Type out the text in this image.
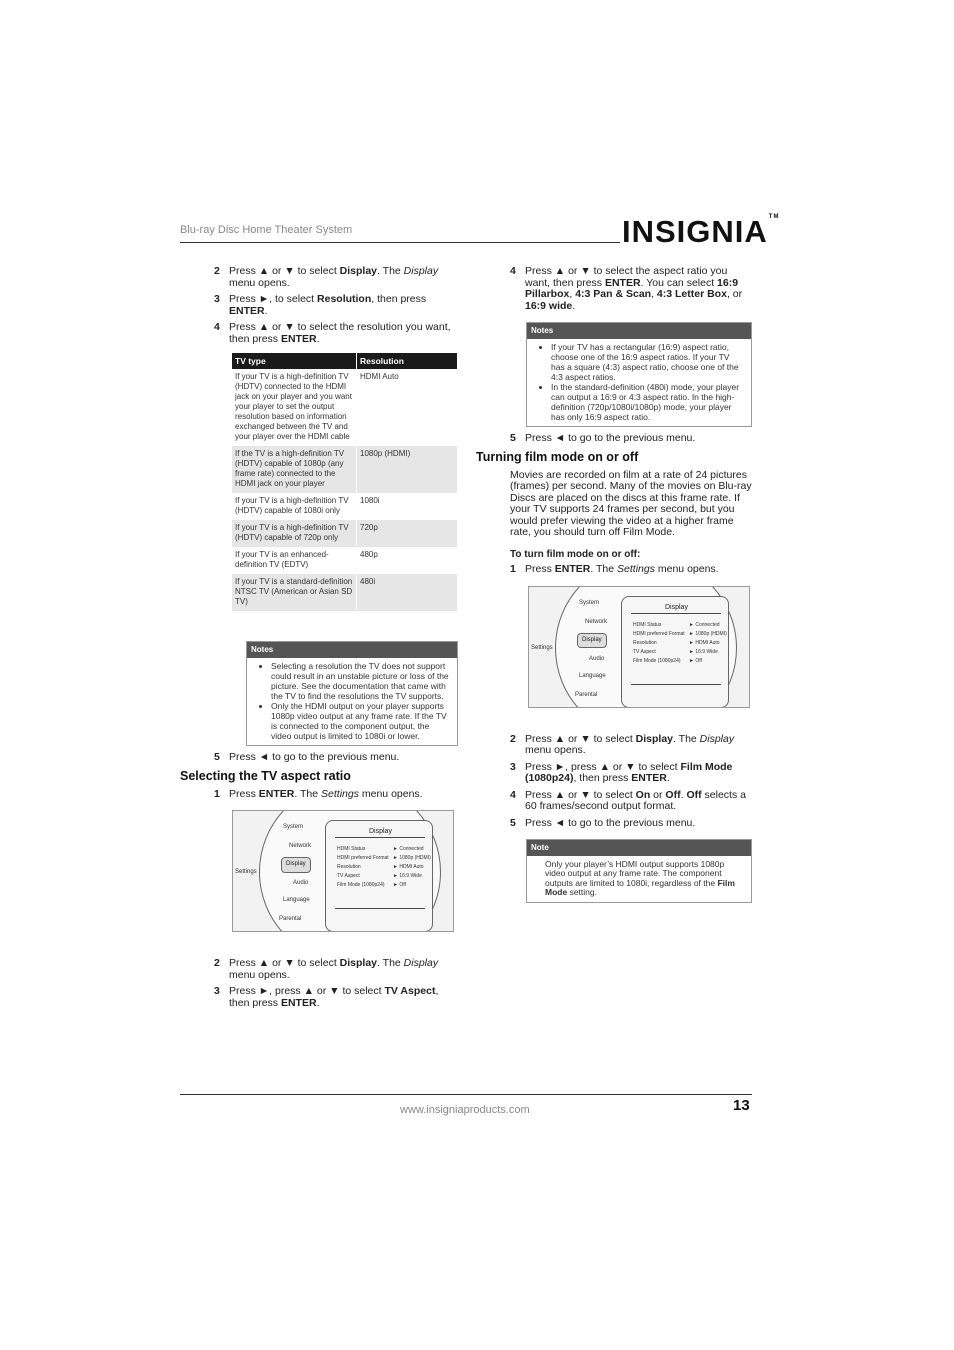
Blu-ray Disc Home Theater System	INSIGNIA™
2 Press ▲ or ▼ to select Display. The Display menu opens.
3 Press ►, to select Resolution, then press ENTER.
4 Press ▲ or ▼ to select the resolution you want, then press ENTER.
TV type	Resolution
If your TV is a high-definition TV (HDTV) connected to the HDMI jack on your player and you want your player to set the output resolution based on information exchanged between the TV and your player over the HDMI cable	HDMI Auto
If the TV is a high-definition TV (HDTV) capable of 1080p (any frame rate) connected to the HDMI jack on your player	1080p (HDMI)
If your TV is a high-definition TV (HDTV) capable of 1080i only	1080i
If your TV is a high-definition TV (HDTV) capable of 720p only	720p
If your TV is an enhanced-definition TV (EDTV)	480p
If your TV is a standard-definition NTSC TV (American or Asian SD TV)	480i
Notes
• Selecting a resolution the TV does not support could result in an unstable picture or loss of the picture. See the documentation that came with the TV to find the resolutions the TV supports.
• Only the HDMI output on your player supports 1080p video output at any frame rate. If the TV is connected to the component output, the video output is limited to 1080i or lower.
5 Press ◄ to go to the previous menu.
Selecting the TV aspect ratio
1 Press ENTER. The Settings menu opens.
Settings
System
Network
Display
Audio
Language
Parental
Display
HDMI Status	► Connected
HDMI preferred Format ► 1080p (HDMI)
Resolution	► HDMI Auto
TV Aspect	► 16:9 Wide
Film Mode (1080p24) ► Off
2 Press ▲ or ▼ to select Display. The Display menu opens.
3 Press ►, press ▲ or ▼ to select TV Aspect, then press ENTER.
4 Press ▲ or ▼ to select the aspect ratio you want, then press ENTER. You can select 16:9 Pillarbox, 4:3 Pan & Scan, 4:3 Letter Box, or 16:9 wide.
Notes
• If your TV has a rectangular (16:9) aspect ratio, choose one of the 16:9 aspect ratios. If your TV has a square (4:3) aspect ratio, choose one of the 4:3 aspect ratios.
• In the standard-definition (480i) mode, your player can output a 16:9 or 4:3 aspect ratio. In the high-definition (720p/1080i/1080p) mode, your player has only 16:9 aspect ratio.
5 Press ◄ to go to the previous menu.
Turning film mode on or off
Movies are recorded on film at a rate of 24 pictures (frames) per second. Many of the movies on Blu-ray Discs are placed on the discs at this frame rate. If your TV supports 24 frames per second, but you would prefer viewing the video at a higher frame rate, you should turn off Film Mode.
To turn film mode on or off:
1 Press ENTER. The Settings menu opens.
Settings
System
Network
Display
Audio
Language
Parental
Display
HDMI Status	► Connected
HDMI preferred Format ► 1080p (HDMI)
Resolution	► HDMI Auto
TV Aspect	► 16:9 Wide
Film Mode (1080p24) ► Off
2 Press ▲ or ▼ to select Display. The Display menu opens.
3 Press ►, press ▲ or ▼ to select Film Mode (1080p24), then press ENTER.
4 Press ▲ or ▼ to select On or Off. Off selects a 60 frames/second output format.
5 Press ◄ to go to the previous menu.
Note
Only your player’s HDMI output supports 1080p video output at any frame rate. The component outputs are limited to 1080i, regardless of the Film Mode setting.
www.insigniaproducts.com	13
